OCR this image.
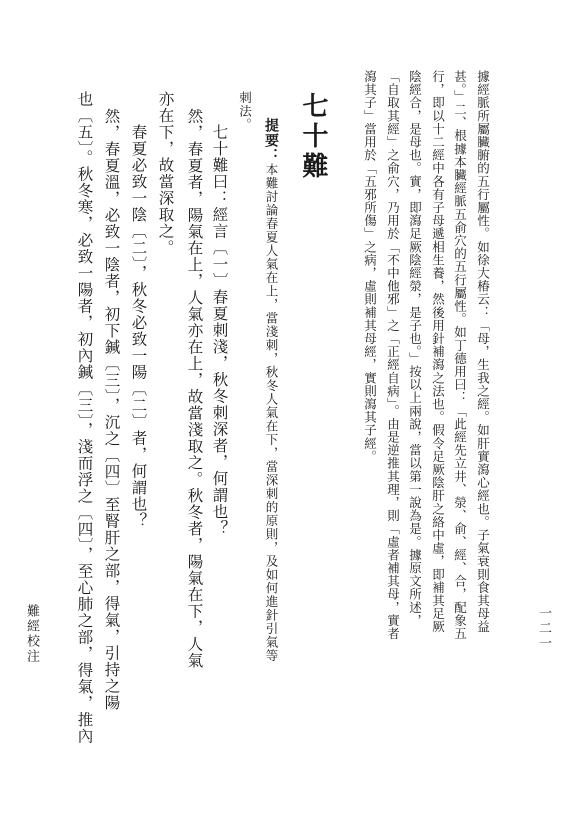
一二一
據經脈所屬臟腑的五行屬性。如徐大椿云：「母，生我之經。如肝實瀉心經也。子氣衰則食其母益
甚。」二、根據本臟經脈五俞穴的五行屬性。如丁德用曰：「此經先立井、滎、俞、經、合，配象五
行，即以十二經中各有子母遞相生養，然後用針補瀉之法也。假令足厥陰肝之絡中虛，即補其足厥
陰經合，是母也。實，即瀉足厥陰經滎，是子也。」按以上兩說，當以第一說為是。據原文所述，
「自取其經」之俞穴，乃用於「不中他邪」之「正經自病」。由是逆推其理，則「虛者補其母，實者
瀉其子」當用於「五邪所傷」之病，虛則補其母經，實則瀉其子經。
七十難
提要：本難討論春夏人氣在上，當淺刺，秋冬人氣在下，當深刺的原則，及如何進針引氣等
刺法。
七十難曰：經言〔一〕春夏刺淺，秋冬刺深者，何謂也？
然，春夏者，陽氣在上，人氣亦在上，故當淺取之。秋冬者，陽氣在下，人氣
亦在下，故當深取之。
春夏必致一陰〔二〕，秋冬必致一陽〔二〕者，何謂也？
然，春夏溫，必致一陰者，初下鍼〔三〕，沉之〔四〕至腎肝之部，得氣，引持之陽
也〔五〕。秋冬寒，必致一陽者，初內鍼〔三〕，淺而浮之〔四〕，至心肺之部，得氣，推內
難經校注
